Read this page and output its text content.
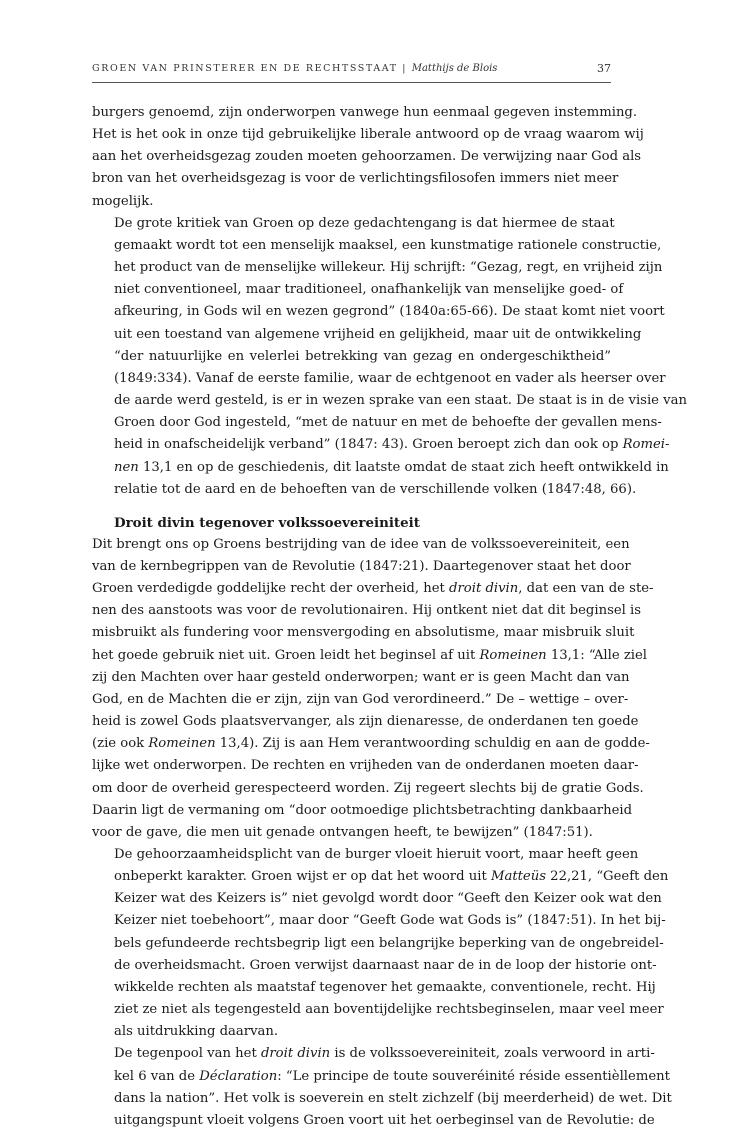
GROEN VAN PRINSTERER EN DE RECHTSSTAAT | Matthijs de Blois	37

burgers genoemd, zijn onderworpen vanwege hun eenmaal gegeven instemming.
Het is het ook in onze tijd gebruikelijke liberale antwoord op de vraag waarom wij
aan het overheidsgezag zouden moeten gehoorzamen. De verwijzing naar God als
bron van het overheidsgezag is voor de verlichtingsfilosofen immers niet meer
mogelijk.

De grote kritiek van Groen op deze gedachtengang is dat hiermee de staat
gemaakt wordt tot een menselijk maaksel, een kunstmatige rationele constructie,
het product van de menselijke willekeur. Hij schrijft: “Gezag, regt, en vrijheid zijn
niet conventioneel, maar traditioneel, onafhankelijk van menselijke goed- of
afkeuring, in Gods wil en wezen gegrond” (1840a:65-66). De staat komt niet voort
uit een toestand van algemene vrijheid en gelijkheid, maar uit de ontwikkeling
“der natuurlijke en velerlei betrekking van gezag en ondergeschiktheid”
(1849:334). Vanaf de eerste familie, waar de echtgenoot en vader als heerser over
de aarde werd gesteld, is er in wezen sprake van een staat. De staat is in de visie van
Groen door God ingesteld, “met de natuur en met de behoefte der gevallen mens-
heid in onafscheidelijk verband” (1847: 43). Groen beroept zich dan ook op Romei-
nen 13,1 en op de geschiedenis, dit laatste omdat de staat zich heeft ontwikkeld in
relatie tot de aard en de behoeften van de verschillende volken (1847:48, 66).

Droit divin tegenover volkssoevereiniteit

Dit brengt ons op Groens bestrijding van de idee van de volkssoevereiniteit, een
van de kernbegrippen van de Revolutie (1847:21). Daartegenover staat het door
Groen verdedigde goddelijke recht der overheid, het droit divin, dat een van de ste-
nen des aanstoots was voor de revolutionairen. Hij ontkent niet dat dit beginsel is
misbruikt als fundering voor mensvergoding en absolutisme, maar misbruik sluit
het goede gebruik niet uit. Groen leidt het beginsel af uit Romeinen 13,1: “Alle ziel
zij den Machten over haar gesteld onderworpen; want er is geen Macht dan van
God, en de Machten die er zijn, zijn van God verordineerd.” De – wettige – over-
heid is zowel Gods plaatsvervanger, als zijn dienaresse, de onderdanen ten goede
(zie ook Romeinen 13,4). Zij is aan Hem verantwoording schuldig en aan de godde-
lijke wet onderworpen. De rechten en vrijheden van de onderdanen moeten daar-
om door de overheid gerespecteerd worden. Zij regeert slechts bij de gratie Gods.
Daarin ligt de vermaning om “door ootmoedige plichtsbetrachting dankbaarheid
voor de gave, die men uit genade ontvangen heeft, te bewijzen” (1847:51).

De gehoorzaamheidsplicht van de burger vloeit hieruit voort, maar heeft geen
onbeperkt karakter. Groen wijst er op dat het woord uit Matteüs 22,21, “Geeft den
Keizer wat des Keizers is” niet gevolgd wordt door “Geeft den Keizer ook wat den
Keizer niet toebehoort”, maar door “Geeft Gode wat Gods is” (1847:51). In het bij-
bels gefundeerde rechtsbegrip ligt een belangrijke beperking van de ongebreidel-
de overheidsmacht. Groen verwijst daarnaast naar de in de loop der historie ont-
wikkelde rechten als maatstaf tegenover het gemaakte, conventionele, recht. Hij
ziet ze niet als tegengesteld aan boventijdelijke rechtsbeginselen, maar veel meer
als uitdrukking daarvan.

De tegenpool van het droit divin is de volkssoevereiniteit, zoals verwoord in arti-
kel 6 van de Déclaration: “Le principe de toute souveréinité réside essentièllement
dans la nation”. Het volk is soeverein en stelt zichzelf (bij meerderheid) de wet. Dit
uitgangspunt vloeit volgens Groen voort uit het oerbeginsel van de Revolutie: de
